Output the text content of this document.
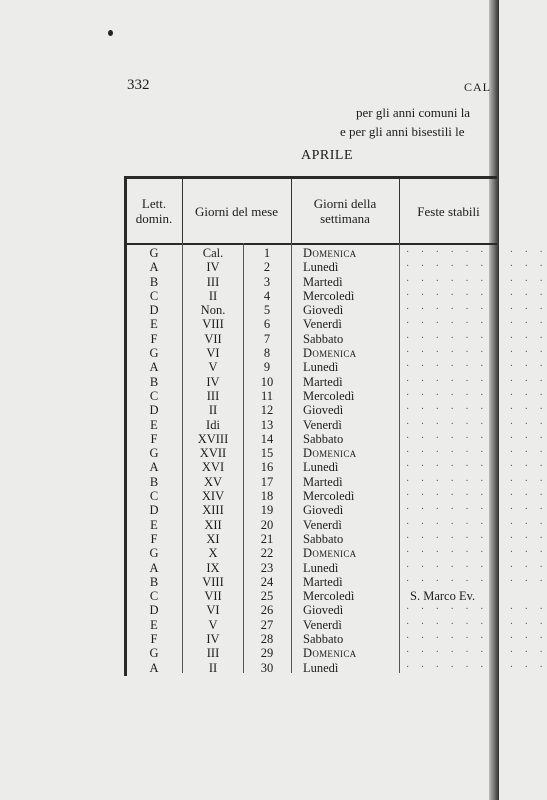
332	CAL
per gli anni comuni la
e per gli anni bisestili le
APRILE
Lett. domin.	Giorni del mese	Giorni della settimana	Feste stabili
G	Cal.	1	Domenica	· · · · · · · · · ·
A	IV	2	Lunedì	· · · · · · · · · ·
B	III	3	Martedì	· · · · · · · · · ·
C	II	4	Mercoledì	· · · · · · · · · ·
D	Non.	5	Giovedì	· · · · · · · · · ·
E	VIII	6	Venerdì	· · · · · · · · · ·
F	VII	7	Sabbato	· · · · · · · · · ·
G	VI	8	Domenica	· · · · · · · · · ·
A	V	9	Lunedì	· · · · · · · · · ·
B	IV	10	Martedì	· · · · · · · · · ·
C	III	11	Mercoledì	· · · · · · · · · ·
D	II	12	Giovedì	· · · · · · · · · ·
E	Idi	13	Venerdì	· · · · · · · · · ·
F	XVIII	14	Sabbato	· · · · · · · · · ·
G	XVII	15	Domenica	· · · · · · · · · ·
A	XVI	16	Lunedì	· · · · · · · · · ·
B	XV	17	Martedì	· · · · · · · · · ·
C	XIV	18	Mercoledì	· · · · · · · · · ·
D	XIII	19	Giovedì	· · · · · · · · · ·
E	XII	20	Venerdì	· · · · · · · · · ·
F	XI	21	Sabbato	· · · · · · · · · ·
G	X	22	Domenica	· · · · · · · · · ·
A	IX	23	Lunedì	· · · · · · · · · ·
B	VIII	24	Martedì	· · · · · · · · · ·
C	VII	25	Mercoledì	S. Marco Ev.
D	VI	26	Giovedì	· · · · · · · · · ·
E	V	27	Venerdì	· · · · · · · · · ·
F	IV	28	Sabbato	· · · · · · · · · ·
G	III	29	Domenica	· · · · · · · · · ·
A	II	30	Lunedì	· · · · · · · · · ·
